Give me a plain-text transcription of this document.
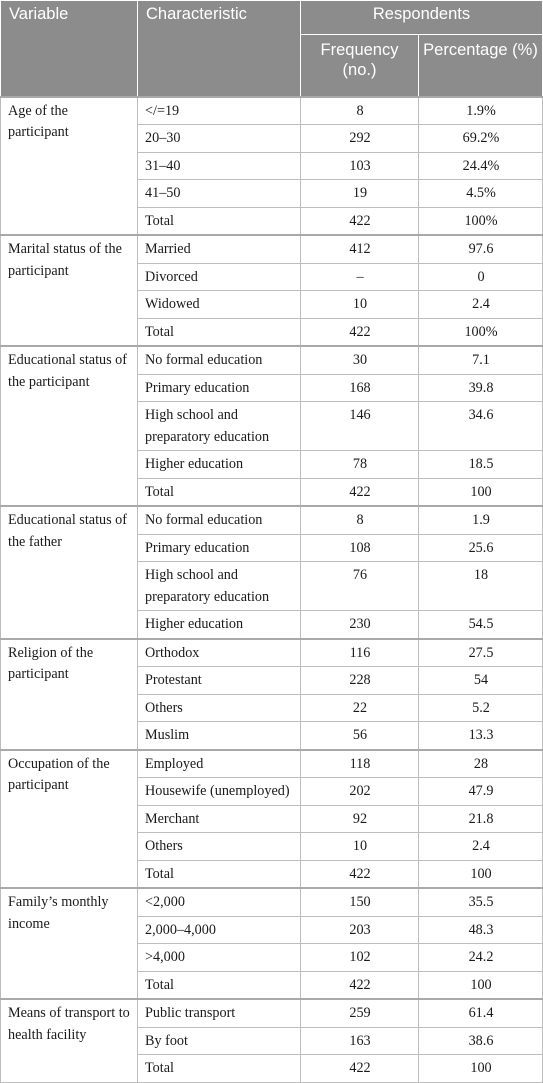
Variable	Characteristic	Respondents	
		Frequency (no.)	Percentage (%)
Age of the participant	</=19	8	1.9%
	20–30	292	69.2%
	31–40	103	24.4%
	41–50	19	4.5%
	Total	422	100%
Marital status of the participant	Married	412	97.6
	Divorced	–	0
	Widowed	10	2.4
	Total	422	100%
Educational status of the participant	No formal education	30	7.1
	Primary education	168	39.8
	High school and preparatory education	146	34.6
	Higher education	78	18.5
	Total	422	100
Educational status of the father	No formal education	8	1.9
	Primary education	108	25.6
	High school and preparatory education	76	18
	Higher education	230	54.5
Religion of the participant	Orthodox	116	27.5
	Protestant	228	54
	Others	22	5.2
	Muslim	56	13.3
Occupation of the participant	Employed	118	28
	Housewife (unemployed)	202	47.9
	Merchant	92	21.8
	Others	10	2.4
	Total	422	100
Family’s monthly income	<2,000	150	35.5
	2,000–4,000	203	48.3
	>4,000	102	24.2
	Total	422	100
Means of transport to health facility	Public transport	259	61.4
	By foot	163	38.6
	Total	422	100
